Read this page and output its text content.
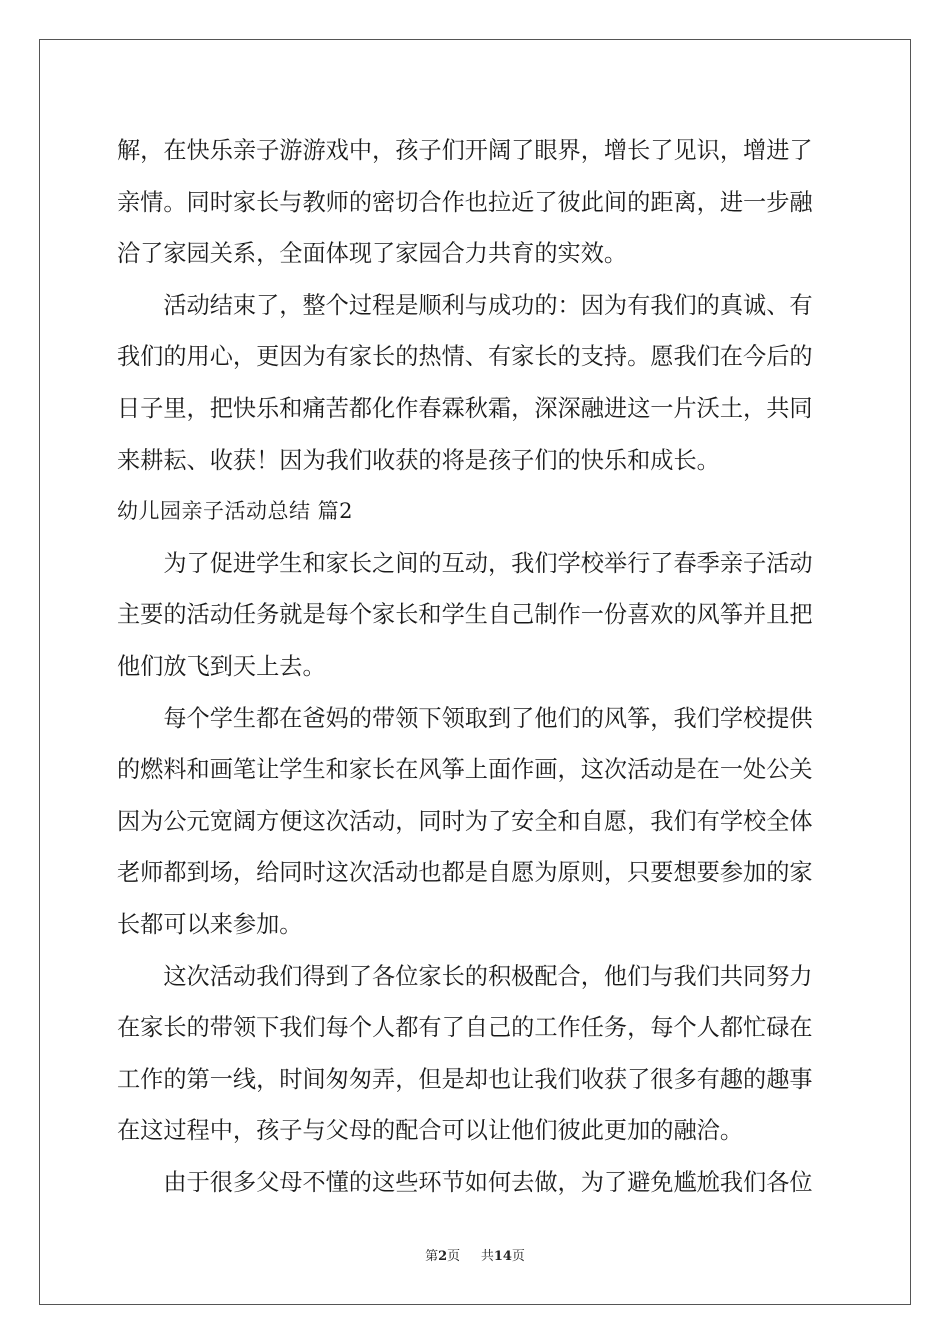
解，在快乐亲子游游戏中，孩子们开阔了眼界，增长了见识，增进了
亲情。同时家长与教师的密切合作也拉近了彼此间的距离，进一步融
洽了家园关系，全面体现了家园合力共育的实效。
　　活动结束了，整个过程是顺利与成功的：因为有我们的真诚、有
我们的用心，更因为有家长的热情、有家长的支持。愿我们在今后的
日子里，把快乐和痛苦都化作春霖秋霜，深深融进这一片沃土，共同
来耕耘、收获！因为我们收获的将是孩子们的快乐和成长。
幼儿园亲子活动总结 篇2
　　为了促进学生和家长之间的互动，我们学校举行了春季亲子活动
主要的活动任务就是每个家长和学生自己制作一份喜欢的风筝并且把
他们放飞到天上去。
　　每个学生都在爸妈的带领下领取到了他们的风筝，我们学校提供
的燃料和画笔让学生和家长在风筝上面作画，这次活动是在一处公关
因为公元宽阔方便这次活动，同时为了安全和自愿，我们有学校全体
老师都到场，给同时这次活动也都是自愿为原则，只要想要参加的家
长都可以来参加。
　　这次活动我们得到了各位家长的积极配合，他们与我们共同努力
在家长的带领下我们每个人都有了自己的工作任务，每个人都忙碌在
工作的第一线，时间匆匆弄，但是却也让我们收获了很多有趣的趣事
在这过程中，孩子与父母的配合可以让他们彼此更加的融洽。
　　由于很多父母不懂的这些环节如何去做，为了避免尴尬我们各位
第2页 共14页
